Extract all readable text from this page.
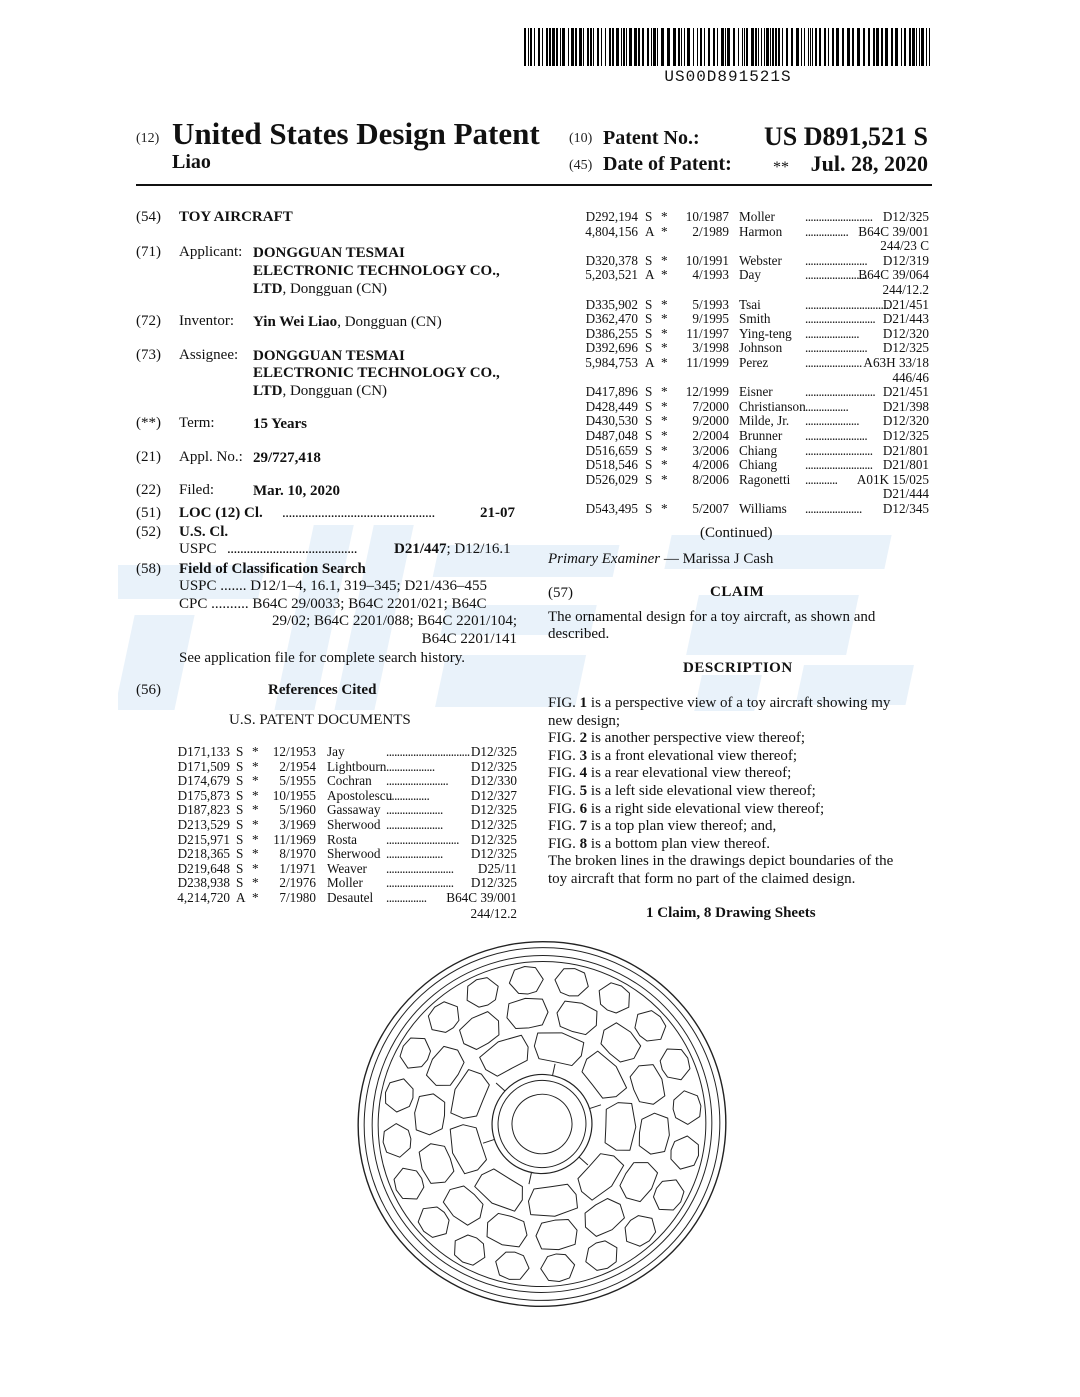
US00D891521S
(12) United States Design Patent
Liao
(10) Patent No.: US D891,521 S
(45) Date of Patent:	** Jul. 28, 2020
(54) TOY AIRCRAFT
(71) Applicant: DONGGUAN TESMAI
ELECTRONIC TECHNOLOGY CO.,
LTD, Dongguan (CN)
(72) Inventor: Yin Wei Liao, Dongguan (CN)
(73) Assignee: DONGGUAN TESMAI
ELECTRONIC TECHNOLOGY CO.,
LTD, Dongguan (CN)
(**) Term:	15 Years
(21) Appl. No.: 29/727,418
(22) Filed:	Mar. 10, 2020
(51) LOC (12) Cl. ...............................................	21-07
(52) U.S. Cl.
USPC ........................................ D21/447; D12/16.1
(58) Field of Classification Search
USPC ....... D12/1–4, 16.1, 319–345; D21/436–455
CPC .......... B64C 29/0033; B64C 2201/021; B64C
29/02; B64C 2201/088; B64C 2201/104;
B64C 2201/141
See application file for complete search history.
(56)	References Cited
U.S. PATENT DOCUMENTS
D171,133 S * 12/1953 Jay	............................... D12/325
D171,509 S * 2/1954 Lightbourn ..................	D12/325
D174,679 S * 5/1955 Cochran ....................... D12/330
D175,873 S * 10/1955 Apostolescu
................	D12/327
D187,823 S * 5/1960 Gassaway ..................... D12/325
D213,529 S * 3/1969 Sherwood ..................... D12/325
D215,971 S * 11/1969 Rosta ........................... D12/325
D218,365 S * 8/1970 Sherwood ..................... D12/325
D219,648 S * 1/1971 Weaver ......................... D25/11
D238,938 S * 2/1976 Moller ......................... D12/325
4,214,720 A * 7/1980 Desautel ............... B64C 39/001
244/12.2
D292,194 S * 10/1987 Moller ......................... D12/325
4,804,156 A * 2/1989 Harmon ................ B64C 39/001
244/23 C
D320,378 S * 10/1991 Webster ....................... D12/319
5,203,521 A * 4/1993 Day	.......................
B64C 39/064
244/12.2
D335,902 S * 5/1993 Tsai	...............................
D21/451
D362,470 S * 9/1995 Smith	.......................... D21/443
D386,255 S * 11/1997 Ying-teng .................... D12/320
D392,696 S * 3/1998 Johnson ....................... D12/325
5,984,753 A * 11/1999 Perez	..................... A63H 33/18
446/46
D417,896 S * 12/1999 Eisner .......................... D21/451
D428,449 S * 7/2000 Christianson ................	D21/398
D430,530 S * 9/2000 Milde, Jr. .................... D12/320
D487,048 S * 2/2004 Brunner ....................... D12/325
D516,659 S * 3/2006 Chiang ......................... D21/801
D518,546 S * 4/2006 Chiang ......................... D21/801
D526,029 S * 8/2006 Ragonetti ............ A01K 15/025
D21/444
D543,495 S * 5/2007 Williams ..................... D12/345
(Continued)
Primary Examiner — Marissa J Cash
(57)	CLAIM
The ornamental design for a toy aircraft, as shown and
described.
DESCRIPTION
FIG. 1 is a perspective view of a toy aircraft showing my
new design;
FIG. 2 is another perspective view thereof;
FIG. 3 is a front elevational view thereof;
FIG. 4 is a rear elevational view thereof;
FIG. 5 is a left side elevational view thereof;
FIG. 6 is a right side elevational view thereof;
FIG. 7 is a top plan view thereof; and,
FIG. 8 is a bottom plan view thereof.
The broken lines in the drawings depict boundaries of the
toy aircraft that form no part of the claimed design.
1 Claim, 8 Drawing Sheets
